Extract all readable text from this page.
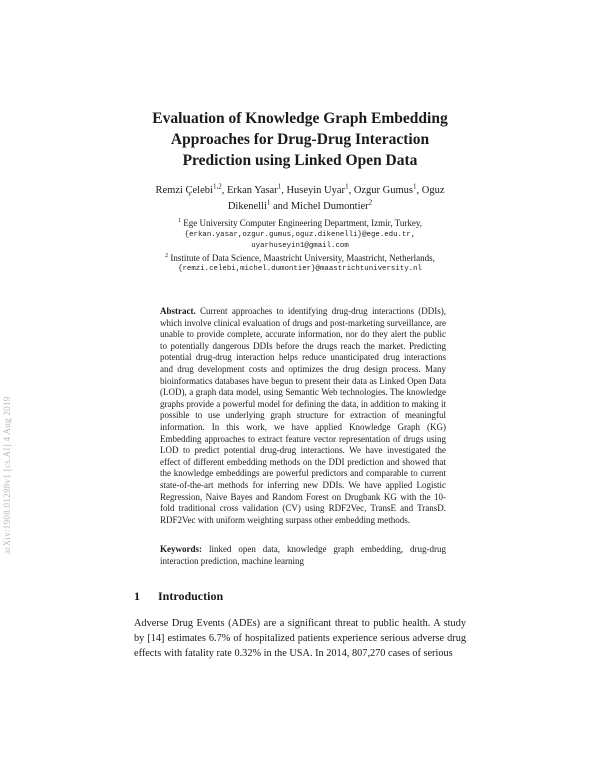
arXiv:1908.01288v1 [cs.AI] 4 Aug 2019
Evaluation of Knowledge Graph Embedding
Approaches for Drug-Drug Interaction
Prediction using Linked Open Data
Remzi Çelebi$^{1,2}$, Erkan Yasar$^1$, Huseyin Uyar$^1$, Ozgur Gumus$^1$, Oguz Dikenelli$^1$ and Michel Dumontier$^2$
$^1$ Ege University Computer Engineering Department, Izmir, Turkey,
{erkan.yasar,ozgur.gumus,oguz.dikenelli}@ege.edu.tr,
uyarhuseyin1@gmail.com
$^2$ Institute of Data Science, Maastricht University, Maastricht, Netherlands,
{remzi.celebi,michel.dumontier}@maastrichtuniversity.nl
Abstract. Current approaches to identifying drug-drug interactions (DDIs), which involve clinical evaluation of drugs and post-marketing surveillance, are unable to provide complete, accurate information, nor do they alert the public to potentially dangerous DDIs before the drugs reach the market. Predicting potential drug-drug interaction helps reduce unanticipated drug interactions and drug development costs and optimizes the drug design process. Many bioinformatics databases have begun to present their data as Linked Open Data (LOD), a graph data model, using Semantic Web technologies. The knowledge graphs provide a powerful model for defining the data, in addition to making it possible to use underlying graph structure for extraction of meaningful information. In this work, we have applied Knowledge Graph (KG) Embedding approaches to extract feature vector representation of drugs using LOD to predict potential drug-drug interactions. We have investigated the effect of different embedding methods on the DDI prediction and showed that the knowledge embeddings are powerful predictors and comparable to current state-of-the-art methods for inferring new DDIs. We have applied Logistic Regression, Naive Bayes and Random Forest on Drugbank KG with the 10-fold traditional cross validation (CV) using RDF2Vec, TransE and TransD. RDF2Vec with uniform weighting surpass other embedding methods.
Keywords: linked open data, knowledge graph embedding, drug-drug interaction prediction, machine learning
1 Introduction
Adverse Drug Events (ADEs) are a significant threat to public health. A study by [14] estimates 6.7% of hospitalized patients experience serious adverse drug effects with fatality rate 0.32% in the USA. In 2014, 807,270 cases of serious
